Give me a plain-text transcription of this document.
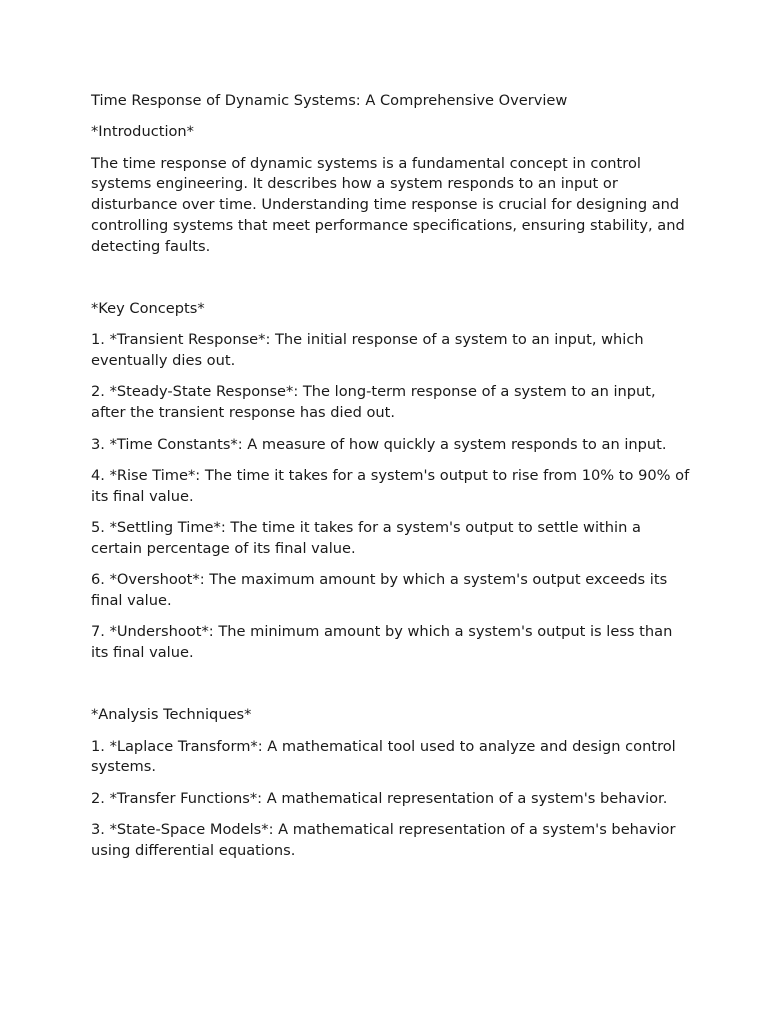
Time Response of Dynamic Systems: A Comprehensive Overview

*Introduction*

The time response of dynamic systems is a fundamental concept in control systems engineering. It describes how a system responds to an input or disturbance over time. Understanding time response is crucial for designing and controlling systems that meet performance specifications, ensuring stability, and detecting faults.

*Key Concepts*

1. *Transient Response*: The initial response of a system to an input, which eventually dies out.

2. *Steady-State Response*: The long-term response of a system to an input, after the transient response has died out.

3. *Time Constants*: A measure of how quickly a system responds to an input.

4. *Rise Time*: The time it takes for a system's output to rise from 10% to 90% of its final value.

5. *Settling Time*: The time it takes for a system's output to settle within a certain percentage of its final value.

6. *Overshoot*: The maximum amount by which a system's output exceeds its final value.

7. *Undershoot*: The minimum amount by which a system's output is less than its final value.

*Analysis Techniques*

1. *Laplace Transform*: A mathematical tool used to analyze and design control systems.

2. *Transfer Functions*: A mathematical representation of a system's behavior.

3. *State-Space Models*: A mathematical representation of a system's behavior using differential equations.
